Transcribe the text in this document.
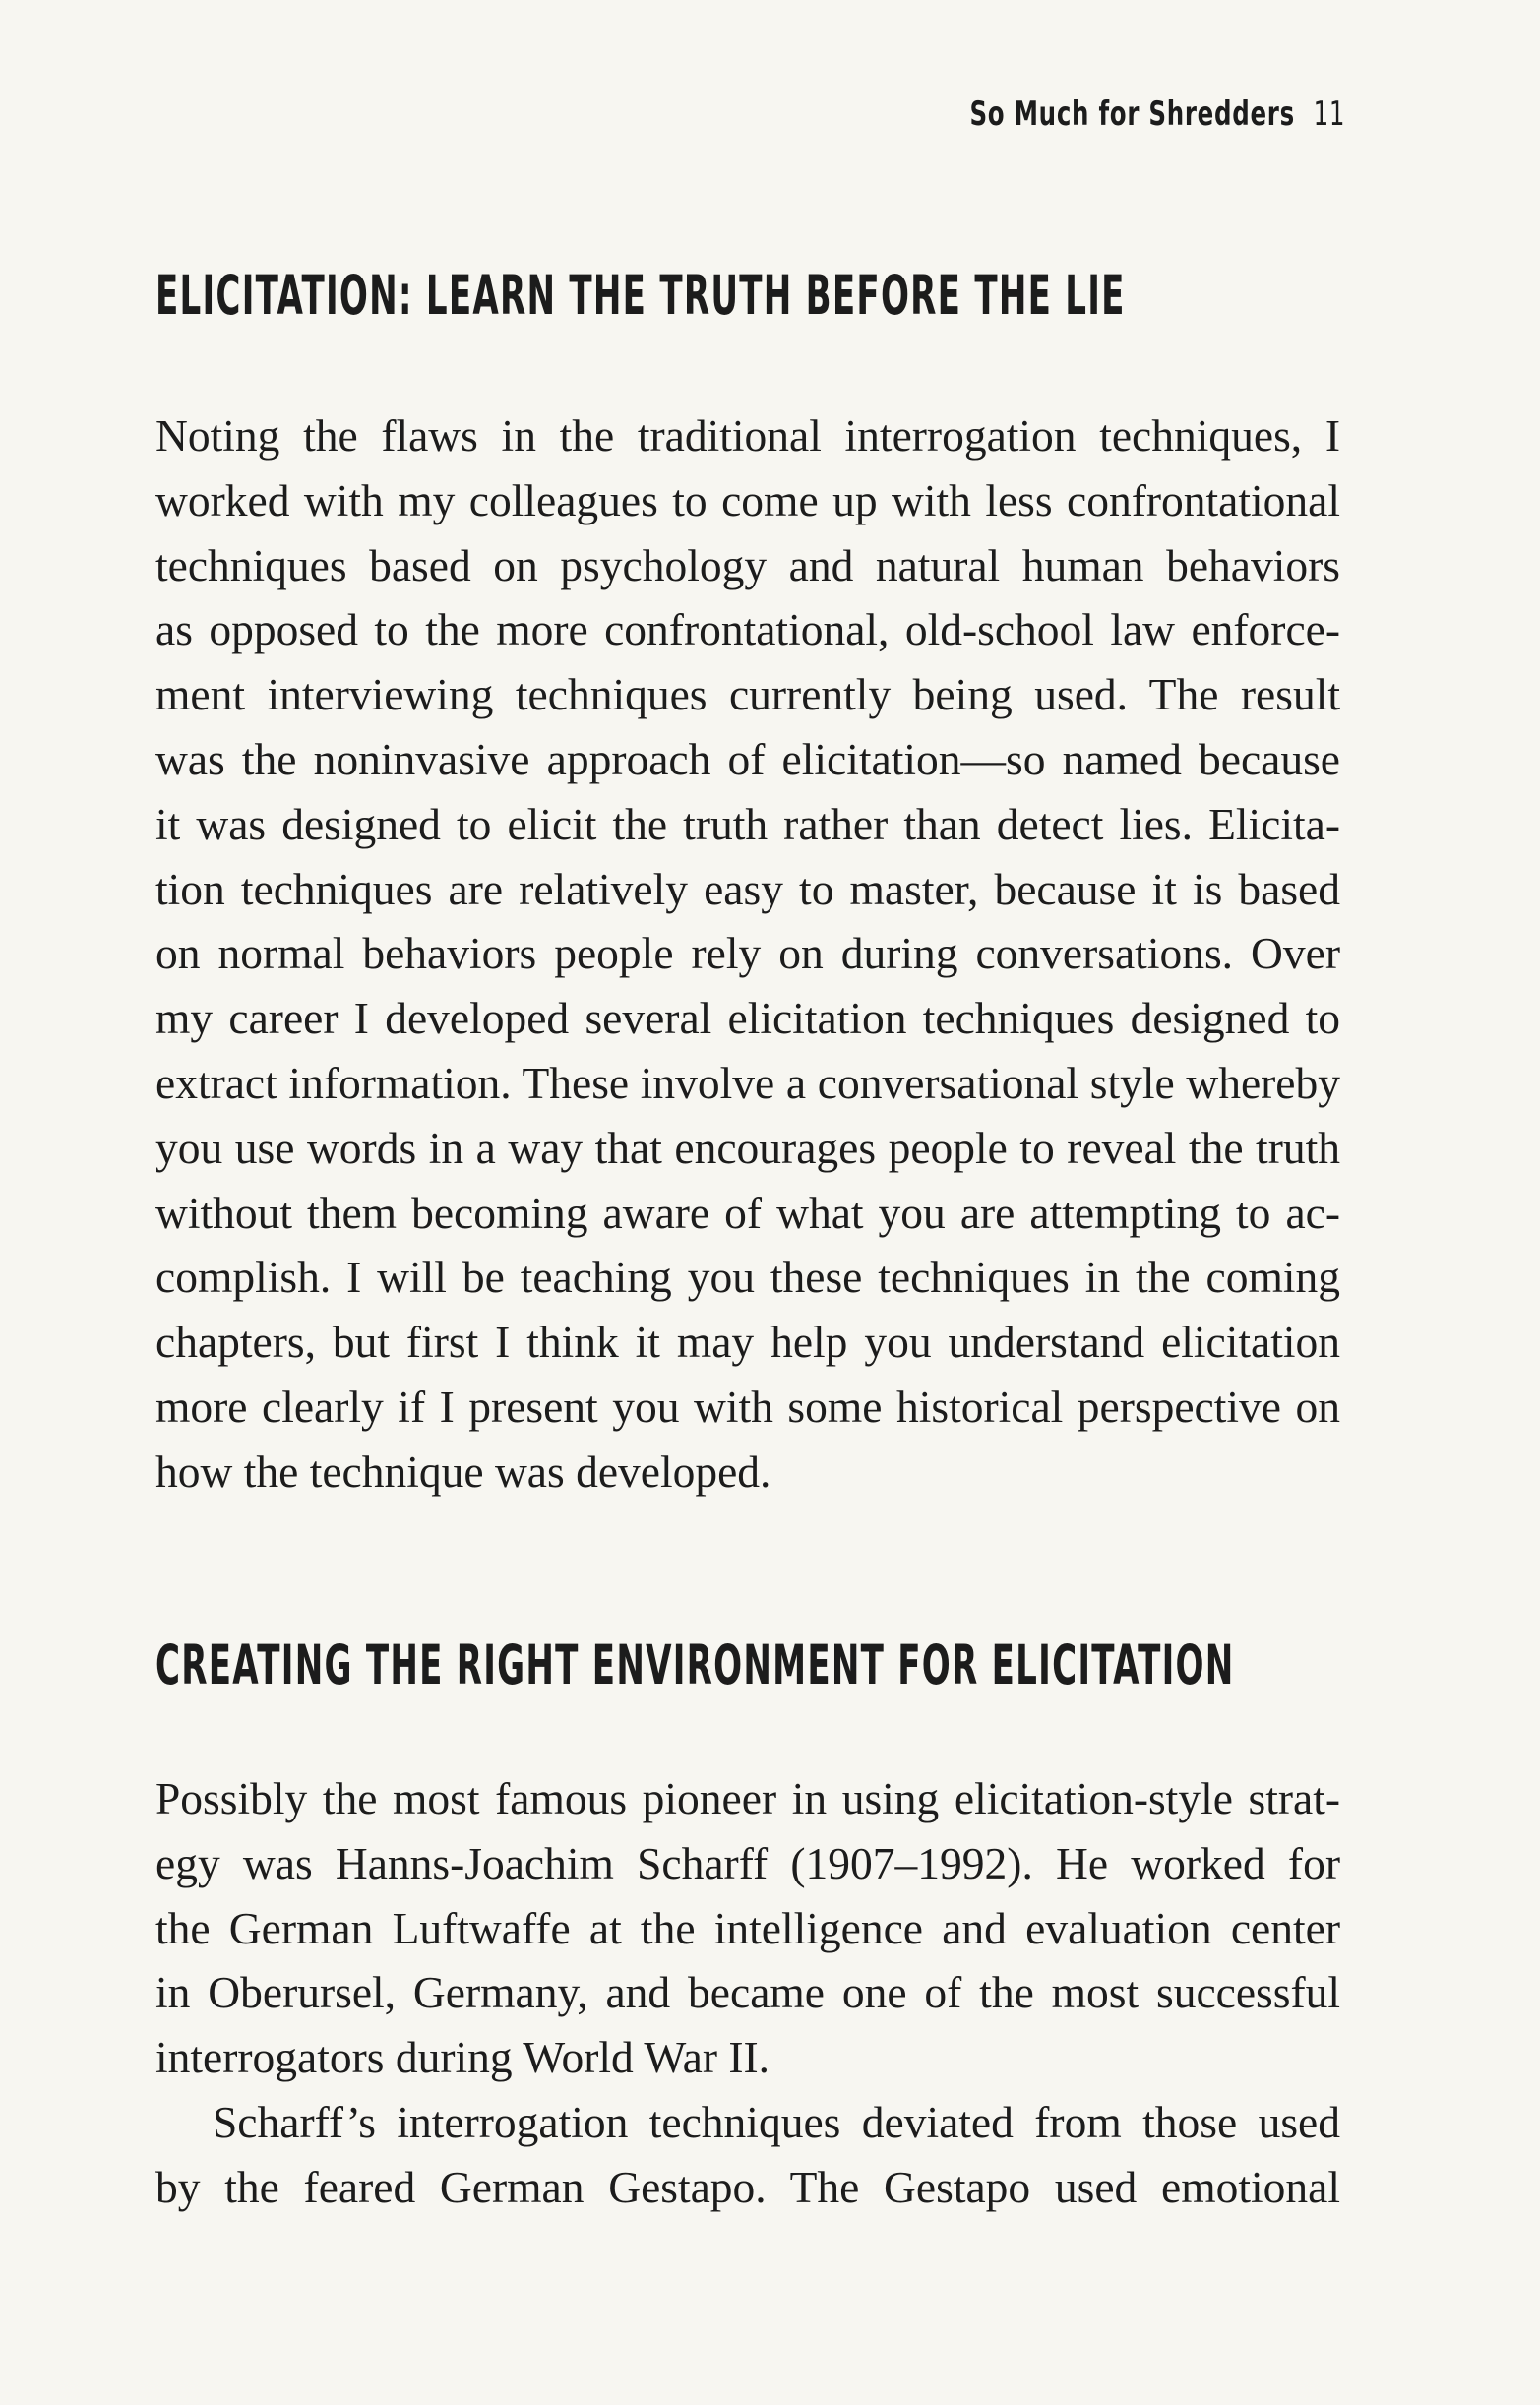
So Much for Shredders 11
ELICITATION: LEARN THE TRUTH BEFORE THE LIE
Noting the flaws in the traditional interrogation techniques, I
worked with my colleagues to come up with less confrontational
techniques based on psychology and natural human behaviors
as opposed to the more confrontational, old-school law enforce-
ment interviewing techniques currently being used. The result
was the noninvasive approach of elicitation—so named because
it was designed to elicit the truth rather than detect lies. Elicita-
tion techniques are relatively easy to master, because it is based
on normal behaviors people rely on during conversations. Over
my career I developed several elicitation techniques designed to
extract information. These involve a conversational style whereby
you use words in a way that encourages people to reveal the truth
without them becoming aware of what you are attempting to ac-
complish. I will be teaching you these techniques in the coming
chapters, but first I think it may help you understand elicitation
more clearly if I present you with some historical perspective on
how the technique was developed.
CREATING THE RIGHT ENVIRONMENT FOR ELICITATION
Possibly the most famous pioneer in using elicitation-style strat-
egy was Hanns-Joachim Scharff (1907–1992). He worked for
the German Luftwaffe at the intelligence and evaluation center
in Oberursel, Germany, and became one of the most successful
interrogators during World War II.
Scharff’s interrogation techniques deviated from those used
by the feared German Gestapo. The Gestapo used emotional
